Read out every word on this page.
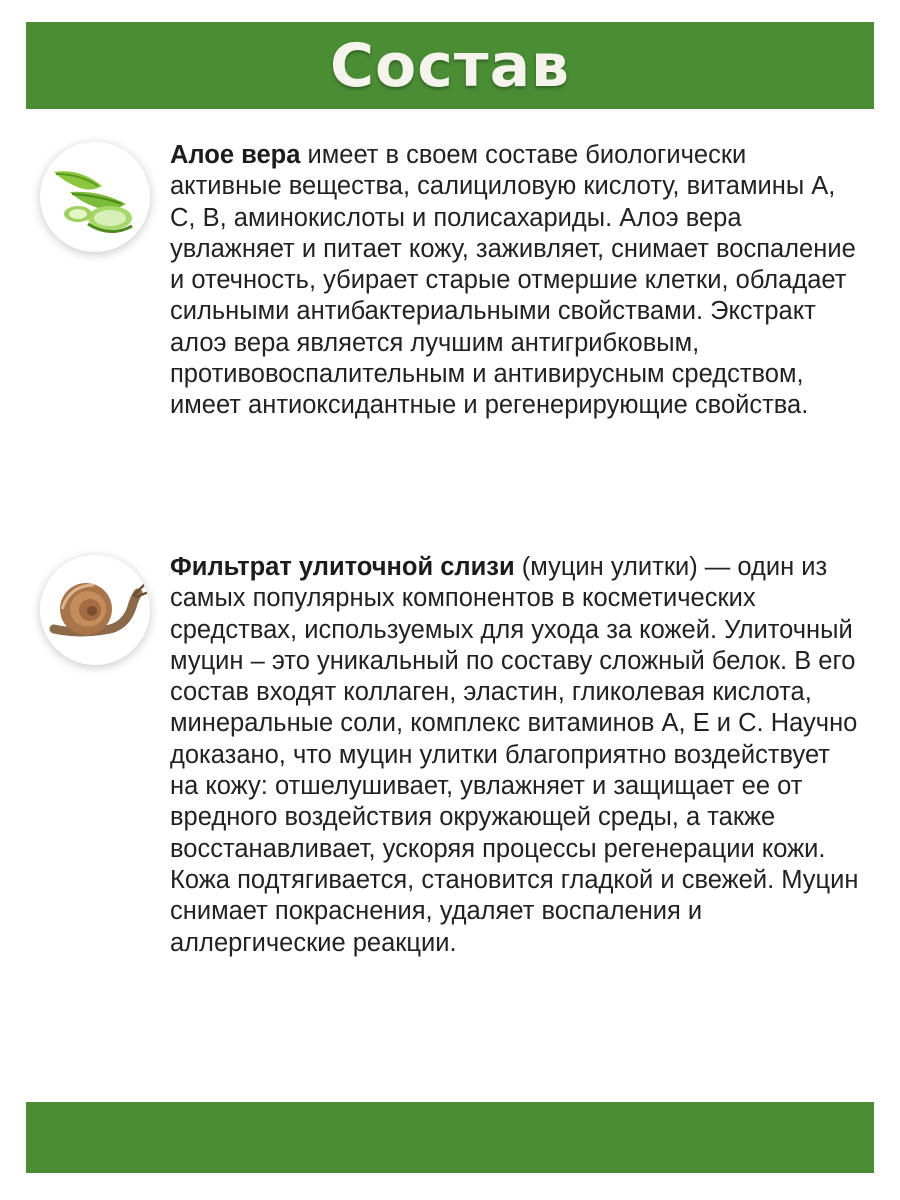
Состав
Алое вера имеет в своем составе биологически активные вещества, салициловую кислоту, витамины А, С, В, аминокислоты и полисахариды. Алоэ вера увлажняет и питает кожу, заживляет, снимает воспаление и отечность, убирает старые отмершие клетки, обладает сильными антибактериальными свойствами. Экстракт алоэ вера является лучшим антигрибковым, противовоспалительным и антивирусным средством, имеет антиоксидантные и регенерирующие свойства.
Фильтрат улиточной слизи (муцин улитки) — один из самых популярных компонентов в косметических средствах, используемых для ухода за кожей. Улиточный муцин – это уникальный по составу сложный белок. В его состав входят коллаген, эластин, гликолевая кислота, минеральные соли, комплекс витаминов А, Е и С. Научно доказано, что муцин улитки благоприятно воздействует на кожу: отшелушивает, увлажняет и защищает ее от вредного воздействия окружающей среды, а также восстанавливает, ускоряя процессы регенерации кожи. Кожа подтягивается, становится гладкой и свежей. Муцин снимает покраснения, удаляет воспаления и аллергические реакции.
